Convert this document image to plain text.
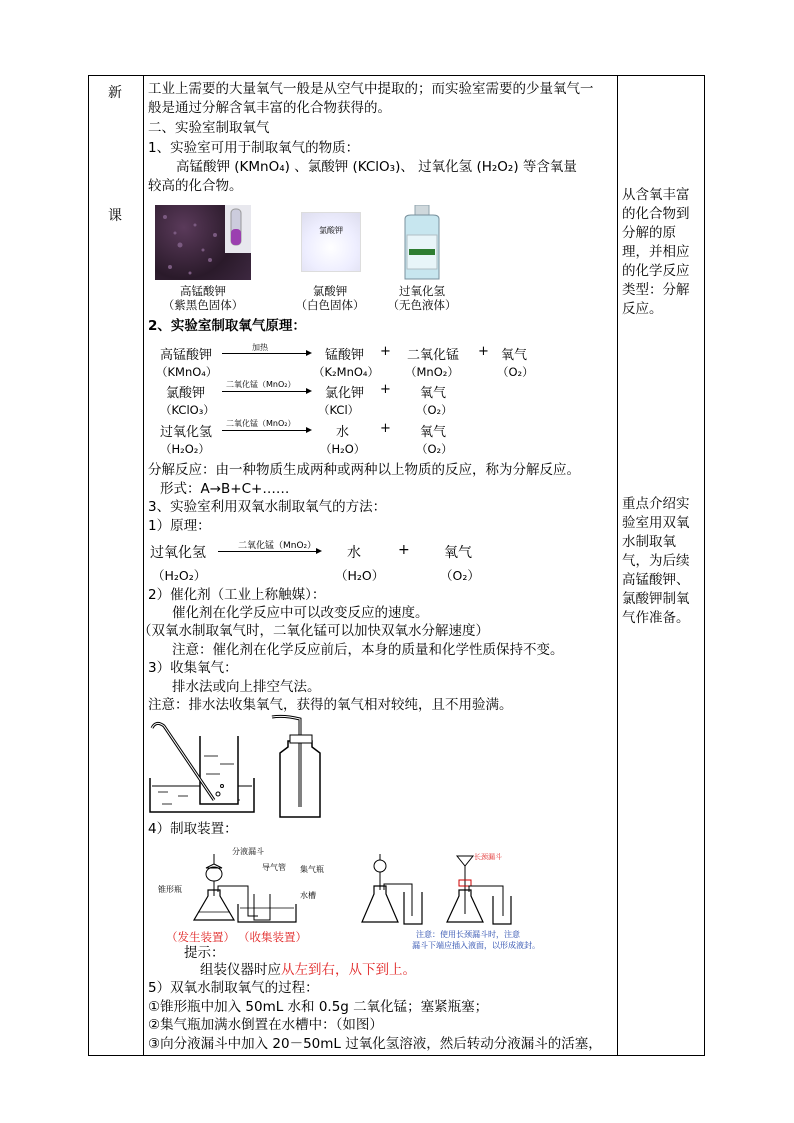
新
课
工业上需要的大量氧气一般是从空气中提取的；而实验室需要的少量氧气一
般是通过分解含氧丰富的化合物获得的。
二、实验室制取氧气
1、实验室可用于制取氧气的物质：
高锰酸钾 (KMnO₄) 、氯酸钾 (KClO₃)、 过氧化氢 (H₂O₂) 等含氧量
较高的化合物。
高锰酸钾
（紫黑色固体）
氯酸钾
氯酸钾
（白色固体）
过氧化氢
（无色液体）
2、实验室制取氧气原理：
高锰酸钾
（KMnO₄）
加热
锰酸钾
（K₂MnO₄）
+ 二氧化锰
（MnO₂）
+ 氧气
（O₂）
氯酸钾
（KClO₃）
二氧化锰（MnO₂）
氯化钾
（KCl）
+ 氧气
（O₂）
过氧化氢
（H₂O₂）
二氧化锰（MnO₂）
水
（H₂O）
+ 氧气
（O₂）
分解反应：由一种物质生成两种或两种以上物质的反应，称为分解反应。
形式：A→B+C+……
3、实验室利用双氧水制取氧气的方法：
1）原理：
过氧化氢
（H₂O₂）
二氧化锰（MnO₂） 水
（H₂O）
+ 氧气
（O₂）
2）催化剂（工业上称触媒）：
催化剂在化学反应中可以改变反应的速度。
（双氧水制取氧气时，二氧化锰可以加快双氧水分解速度）
注意：催化剂在化学反应前后，本身的质量和化学性质保持不变。
3）收集氧气：
排水法或向上排空气法。
注意：排水法收集氧气，获得的氧气相对较纯，且不用验满。
4）制取装置：
分液漏斗
导气管 集气瓶
锥形瓶
水槽
（发生装置） （收集装置）
长颈漏斗
注意：使用长颈漏斗时，注意
漏斗下端应插入液面，以形成液封。
提示：
组装仪器时应从左到右，从下到上。
5）双氧水制取氧气的过程：
①锥形瓶中加入 50mL 水和 0.5g 二氧化锰；塞紧瓶塞；
②集气瓶加满水倒置在水槽中：（如图）
③向分液漏斗中加入 20－50mL 过氧化氢溶液，然后转动分液漏斗的活塞，
从含氧丰富的化合物到分解的原理，并相应的化学反应类型：分解反应。
重点介绍实验室用双氧水制取氧气，为后续高锰酸钾、氯酸钾制氧气作准备。
